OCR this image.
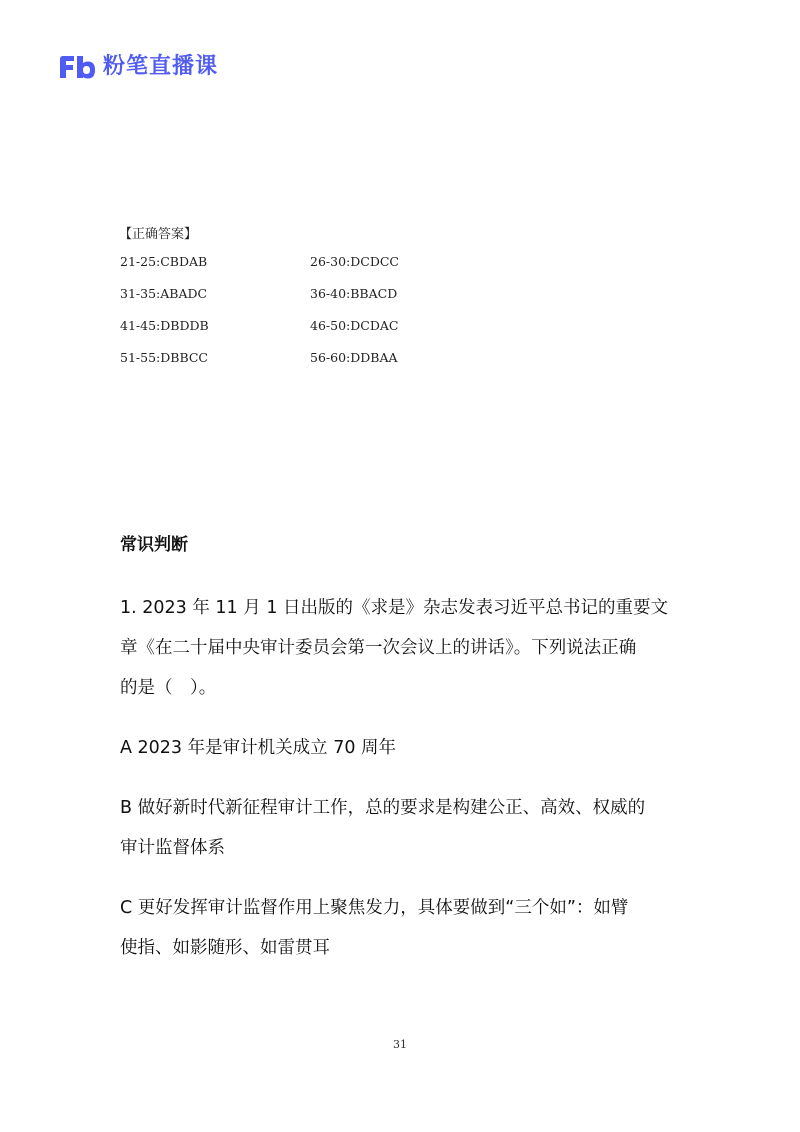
粉笔直播课
【正确答案】
21-25:CBDAB	26-30:DCDCC
31-35:ABADC	36-40:BBACD
41-45:DBDDB	46-50:DCDAC
51-55:DBBCC	56-60:DDBAA
常识判断
1. 2023 年 11 月 1 日出版的《求是》杂志发表习近平总书记的重要文
章《在二十届中央审计委员会第一次会议上的讲话》。下列说法正确
的是（　）。
A 2023 年是审计机关成立 70 周年
B 做好新时代新征程审计工作，总的要求是构建公正、高效、权威的
审计监督体系
C 更好发挥审计监督作用上聚焦发力，具体要做到“三个如”：如臂
使指、如影随形、如雷贯耳
31
